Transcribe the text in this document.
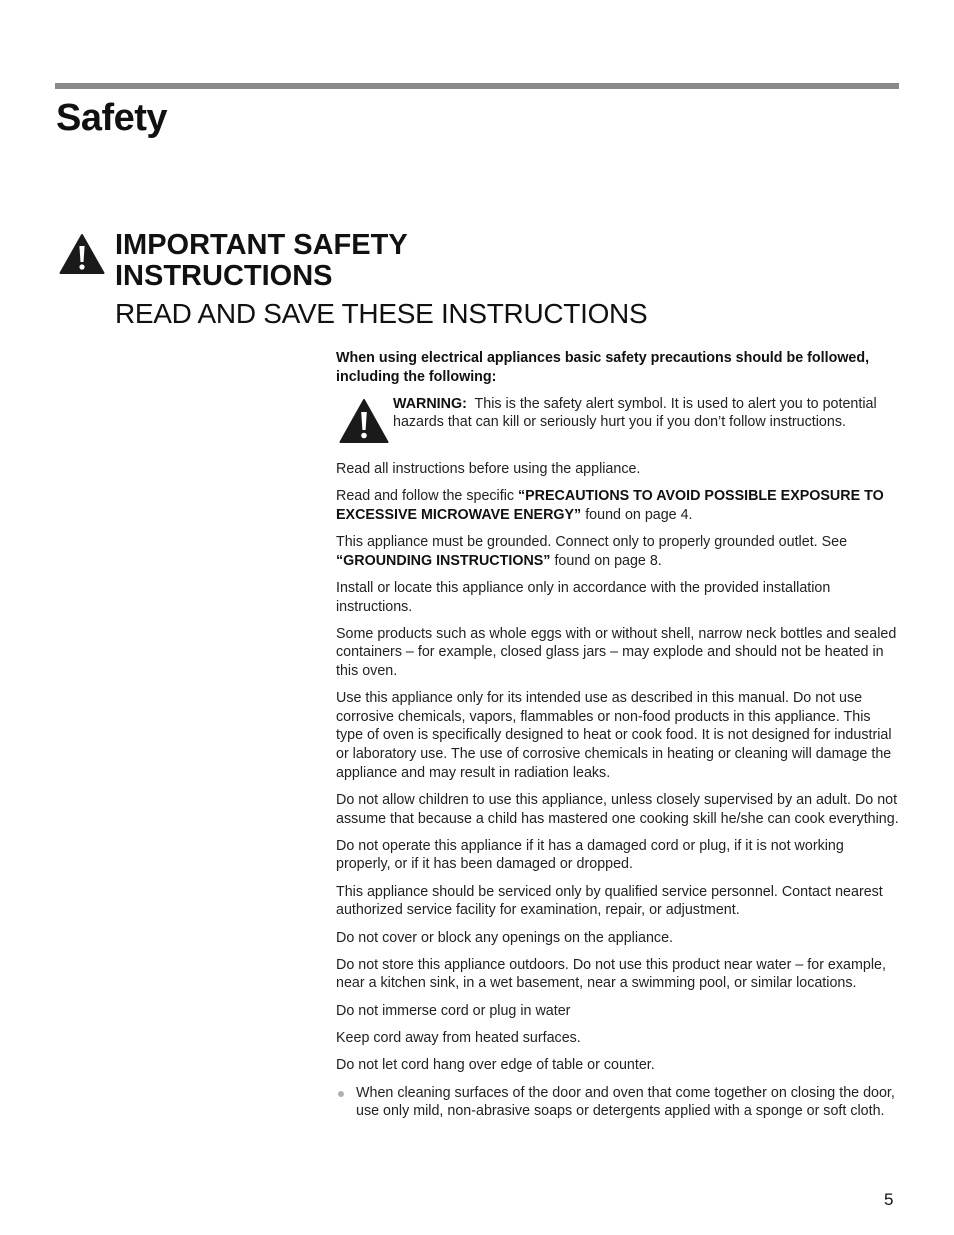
Safety
IMPORTANT SAFETY INSTRUCTIONS
READ AND SAVE THESE INSTRUCTIONS

When using electrical appliances basic safety precautions should be followed, including the following:

WARNING: This is the safety alert symbol. It is used to alert you to potential hazards that can kill or seriously hurt you if you don’t follow instructions.

Read all instructions before using the appliance.

Read and follow the specific “PRECAUTIONS TO AVOID POSSIBLE EXPOSURE TO EXCESSIVE MICROWAVE ENERGY” found on page 4.

This appliance must be grounded. Connect only to properly grounded outlet. See “GROUNDING INSTRUCTIONS” found on page 8.

Install or locate this appliance only in accordance with the provided installation instructions.

Some products such as whole eggs with or without shell, narrow neck bottles and sealed containers – for example, closed glass jars – may explode and should not be heated in this oven.

Use this appliance only for its intended use as described in this manual. Do not use corrosive chemicals, vapors, flammables or non-food products in this appliance. This type of oven is specifically designed to heat or cook food. It is not designed for industrial or laboratory use. The use of corrosive chemicals in heating or cleaning will damage the appliance and may result in radiation leaks.

Do not allow children to use this appliance, unless closely supervised by an adult. Do not assume that because a child has mastered one cooking skill he/she can cook everything.

Do not operate this appliance if it has a damaged cord or plug, if it is not working properly, or if it has been damaged or dropped.

This appliance should be serviced only by qualified service personnel. Contact nearest authorized service facility for examination, repair, or adjustment.

Do not cover or block any openings on the appliance.

Do not store this appliance outdoors. Do not use this product near water – for example, near a kitchen sink, in a wet basement, near a swimming pool, or similar locations.

Do not immerse cord or plug in water

Keep cord away from heated surfaces.

Do not let cord hang over edge of table or counter.

When cleaning surfaces of the door and oven that come together on closing the door, use only mild, non-abrasive soaps or detergents applied with a sponge or soft cloth.
5
